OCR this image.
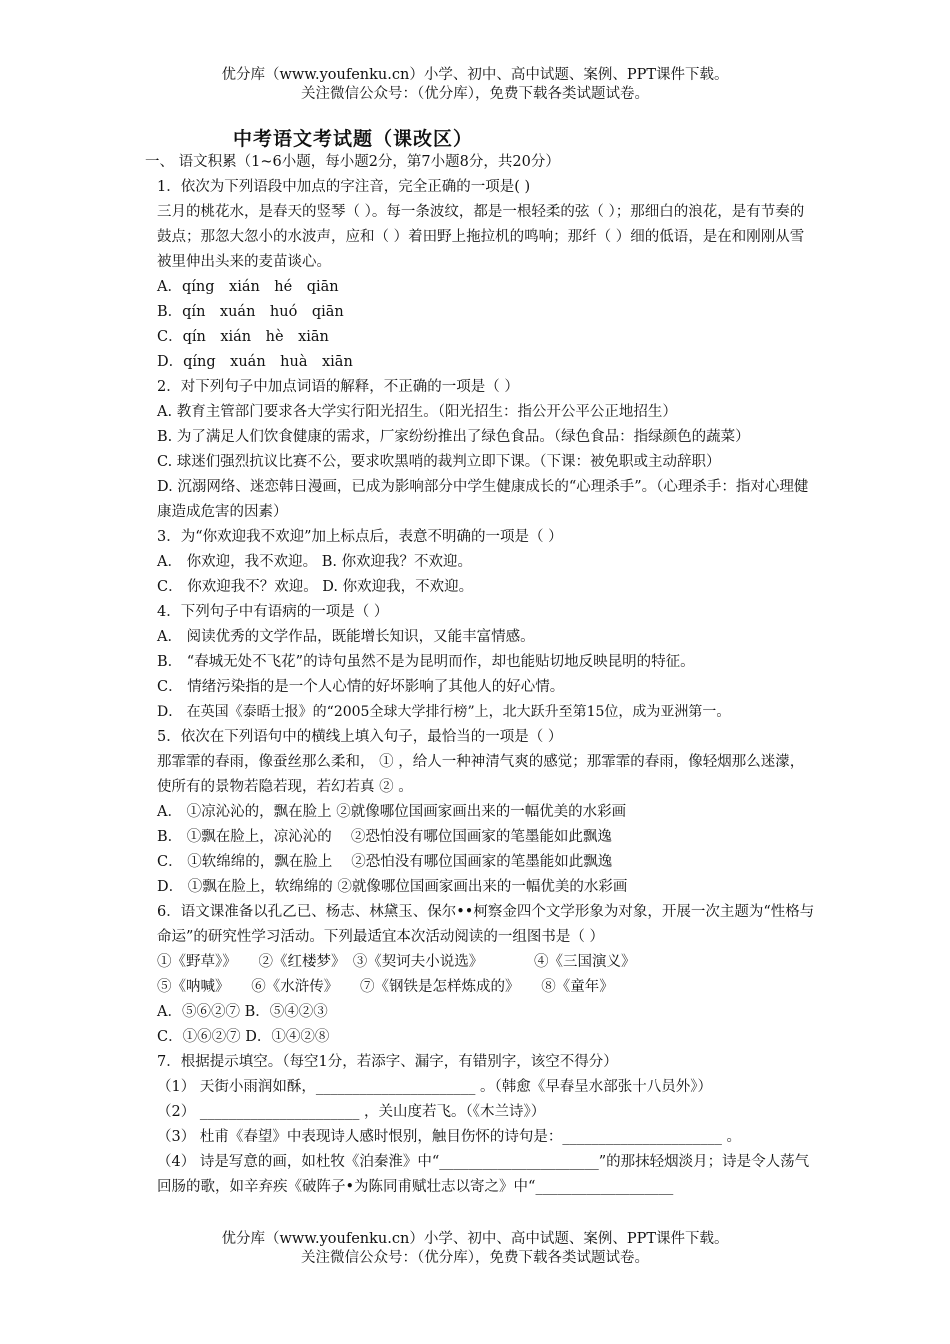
优分库（www.youfenku.cn）小学、初中、高中试题、案例、PPT课件下载。
关注微信公众号：（优分库），免费下载各类试题试卷。
中考语文考试题（课改区）
一、 语文积累（1~6小题，每小题2分，第7小题8分，共20分）
1．依次为下列语段中加点的字注音，完全正确的一项是( )
三月的桃花水，是春天的竖琴（ ）。每一条波纹，都是一根轻柔的弦（ ）；那细白的浪花，是有节奏的鼓点；那忽大忽小的水波声，应和（ ）着田野上拖拉机的鸣响；那纤（ ）细的低语，是在和刚刚从雪被里伸出头来的麦苗谈心。
A．qíng　xián　hé　qiān
B．qín　xuán　huó　qiān
C．qín　xián　hè　xiān
D．qíng　xuán　huà　xiān
2．对下列句子中加点词语的解释，不正确的一项是（ ）
A. 教育主管部门要求各大学实行阳光招生。（阳光招生：指公开公平公正地招生）
B. 为了满足人们饮食健康的需求，厂家纷纷推出了绿色食品。（绿色食品：指绿颜色的蔬菜）
C. 球迷们强烈抗议比赛不公，要求吹黑哨的裁判立即下课。（下课：被免职或主动辞职）
D. 沉溺网络、迷恋韩日漫画，已成为影响部分中学生健康成长的“心理杀手”。（心理杀手：指对心理健康造成危害的因素）
3．为“你欢迎我不欢迎”加上标点后，表意不明确的一项是（ ）
A． 你欢迎，我不欢迎。 B. 你欢迎我？不欢迎。
C． 你欢迎我不？欢迎。 D. 你欢迎我，不欢迎。
4．下列句子中有语病的一项是（ ）
A． 阅读优秀的文学作品，既能增长知识，又能丰富情感。
B． “春城无处不飞花”的诗句虽然不是为昆明而作，却也能贴切地反映昆明的特征。
C． 情绪污染指的是一个人心情的好坏影响了其他人的好心情。
D． 在英国《泰晤士报》的“2005全球大学排行榜”上，北大跃升至第15位，成为亚洲第一。
5．依次在下列语句中的横线上填入句子，最恰当的一项是（ ）
那霏霏的春雨，像蚕丝那么柔和， ① ，给人一种神清气爽的感觉；那霏霏的春雨，像轻烟那么迷濛，使所有的景物若隐若现，若幻若真 ② 。
A． ①凉沁沁的，飘在脸上 ②就像哪位国画家画出来的一幅优美的水彩画
B． ①飘在脸上，凉沁沁的　 ②恐怕没有哪位国画家的笔墨能如此飘逸
C． ①软绵绵的，飘在脸上　 ②恐怕没有哪位国画家的笔墨能如此飘逸
D． ①飘在脸上，软绵绵的 ②就像哪位国画家画出来的一幅优美的水彩画
6．语文课准备以孔乙已、杨志、林黛玉、保尔••柯察金四个文学形象为对象，开展一次主题为“性格与命运”的研究性学习活动。下列最适宜本次活动阅读的一组图书是（ ）
①《野草》》　　②《红楼梦》　③《契诃夫小说选》　　　　④《三国演义》
⑤《呐喊》　　⑥《水浒传》　　⑦《钢铁是怎样炼成的》　　⑧《童年》
A．⑤⑥②⑦ B．⑤④②③
C．①⑥②⑦ D．①④②⑧
7．根据提示填空。（每空1分，若添字、漏字，有错别字，该空不得分）
（1） 天街小雨润如酥，______________________ 。（韩愈《早春呈水部张十八员外》）
（2） ______________________ ，关山度若飞。（《木兰诗》）
（3） 杜甫《春望》中表现诗人感时恨别，触目伤怀的诗句是：______________________ 。
（4） 诗是写意的画，如杜牧《泊秦淮》中“______________________”的那抹轻烟淡月；诗是令人荡气回肠的歌，如辛弃疾《破阵子•为陈同甫赋壮志以寄之》中“___________________
优分库（www.youfenku.cn）小学、初中、高中试题、案例、PPT课件下载。
关注微信公众号：（优分库），免费下载各类试题试卷。
